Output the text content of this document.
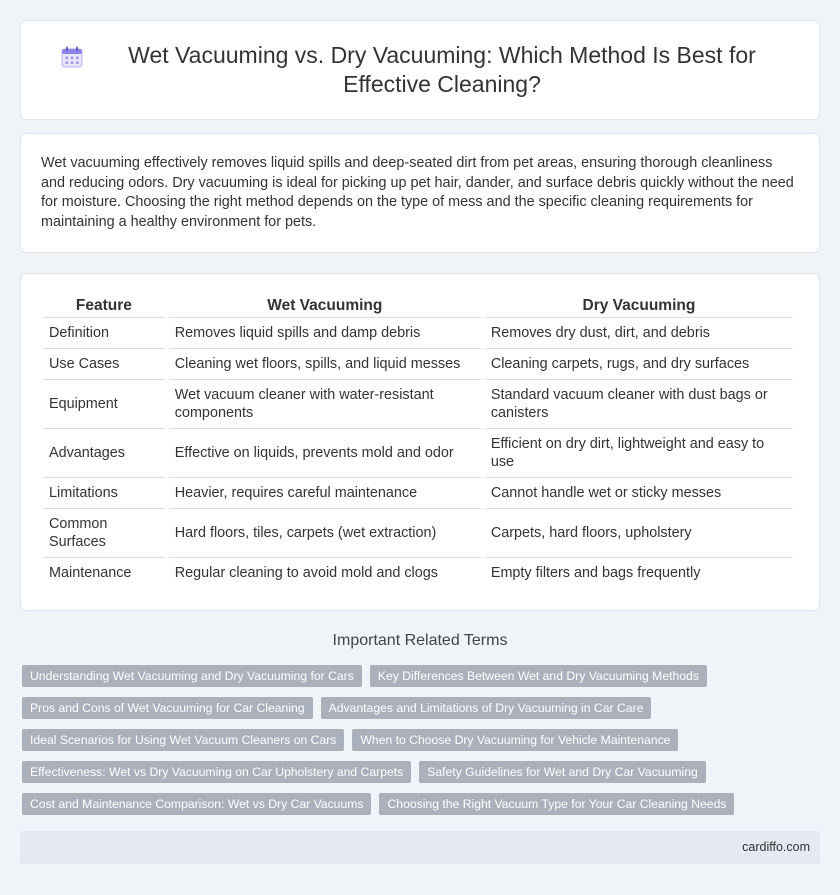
Wet Vacuuming vs. Dry Vacuuming: Which Method Is Best for Effective Cleaning?

Wet vacuuming effectively removes liquid spills and deep-seated dirt from pet areas, ensuring thorough cleanliness and reducing odors. Dry vacuuming is ideal for picking up pet hair, dander, and surface debris quickly without the need for moisture. Choosing the right method depends on the type of mess and the specific cleaning requirements for maintaining a healthy environment for pets.

Feature	Wet Vacuuming	Dry Vacuuming
Definition	Removes liquid spills and damp debris	Removes dry dust, dirt, and debris
Use Cases	Cleaning wet floors, spills, and liquid messes	Cleaning carpets, rugs, and dry surfaces
Equipment	Wet vacuum cleaner with water-resistant components	Standard vacuum cleaner with dust bags or canisters
Advantages	Effective on liquids, prevents mold and odor	Efficient on dry dirt, lightweight and easy to use
Limitations	Heavier, requires careful maintenance	Cannot handle wet or sticky messes
Common Surfaces	Hard floors, tiles, carpets (wet extraction)	Carpets, hard floors, upholstery
Maintenance	Regular cleaning to avoid mold and clogs	Empty filters and bags frequently
Important Related Terms
Understanding Wet Vacuuming and Dry Vacuuming for Cars	Key Differences Between Wet and Dry Vacuuming Methods
Pros and Cons of Wet Vacuuming for Car Cleaning	Advantages and Limitations of Dry Vacuuming in Car Care
Ideal Scenarios for Using Wet Vacuum Cleaners on Cars	When to Choose Dry Vacuuming for Vehicle Maintenance
Effectiveness: Wet vs Dry Vacuuming on Car Upholstery and Carpets	Safety Guidelines for Wet and Dry Car Vacuuming
Cost and Maintenance Comparison: Wet vs Dry Car Vacuums	Choosing the Right Vacuum Type for Your Car Cleaning Needs
cardiffo.com
